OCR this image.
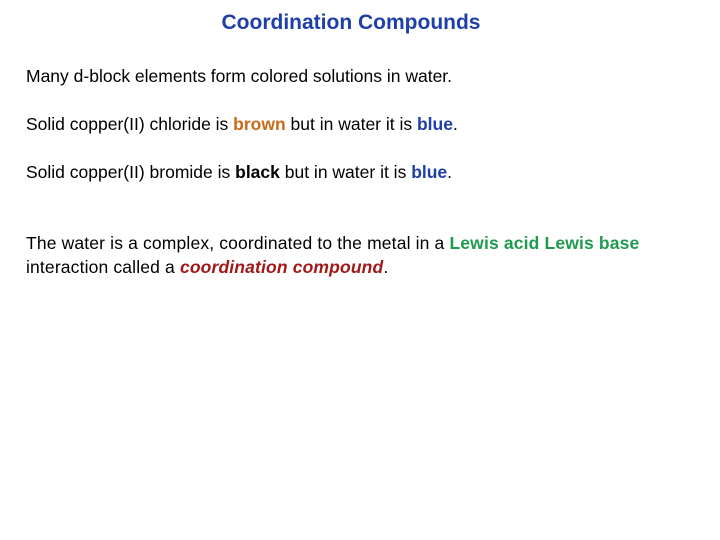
Coordination Compounds
Many d-block elements form colored solutions in water.
Solid copper(II) chloride is brown but in water it is blue.
Solid copper(II) bromide is black but in water it is blue.
The water is a complex, coordinated to the metal in a Lewis acid Lewis base interaction called a coordination compound.
